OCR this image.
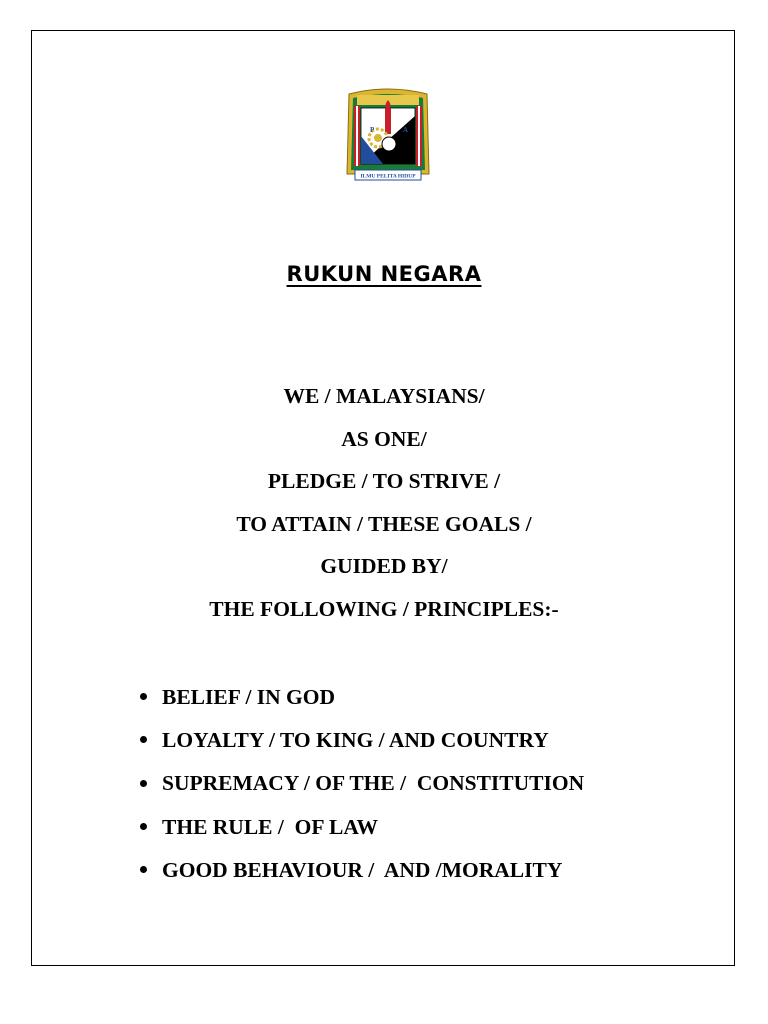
P	A
ILMU PELITA HIDUP
RUKUN NEGARA
WE / MALAYSIANS/
AS ONE/
PLEDGE / TO STRIVE /
TO ATTAIN / THESE GOALS /
GUIDED BY/
THE FOLLOWING / PRINCIPLES:-
BELIEF / IN GOD
LOYALTY / TO KING / AND COUNTRY
SUPREMACY / OF THE /  CONSTITUTION
THE RULE /  OF LAW
GOOD BEHAVIOUR /  AND /MORALITY
